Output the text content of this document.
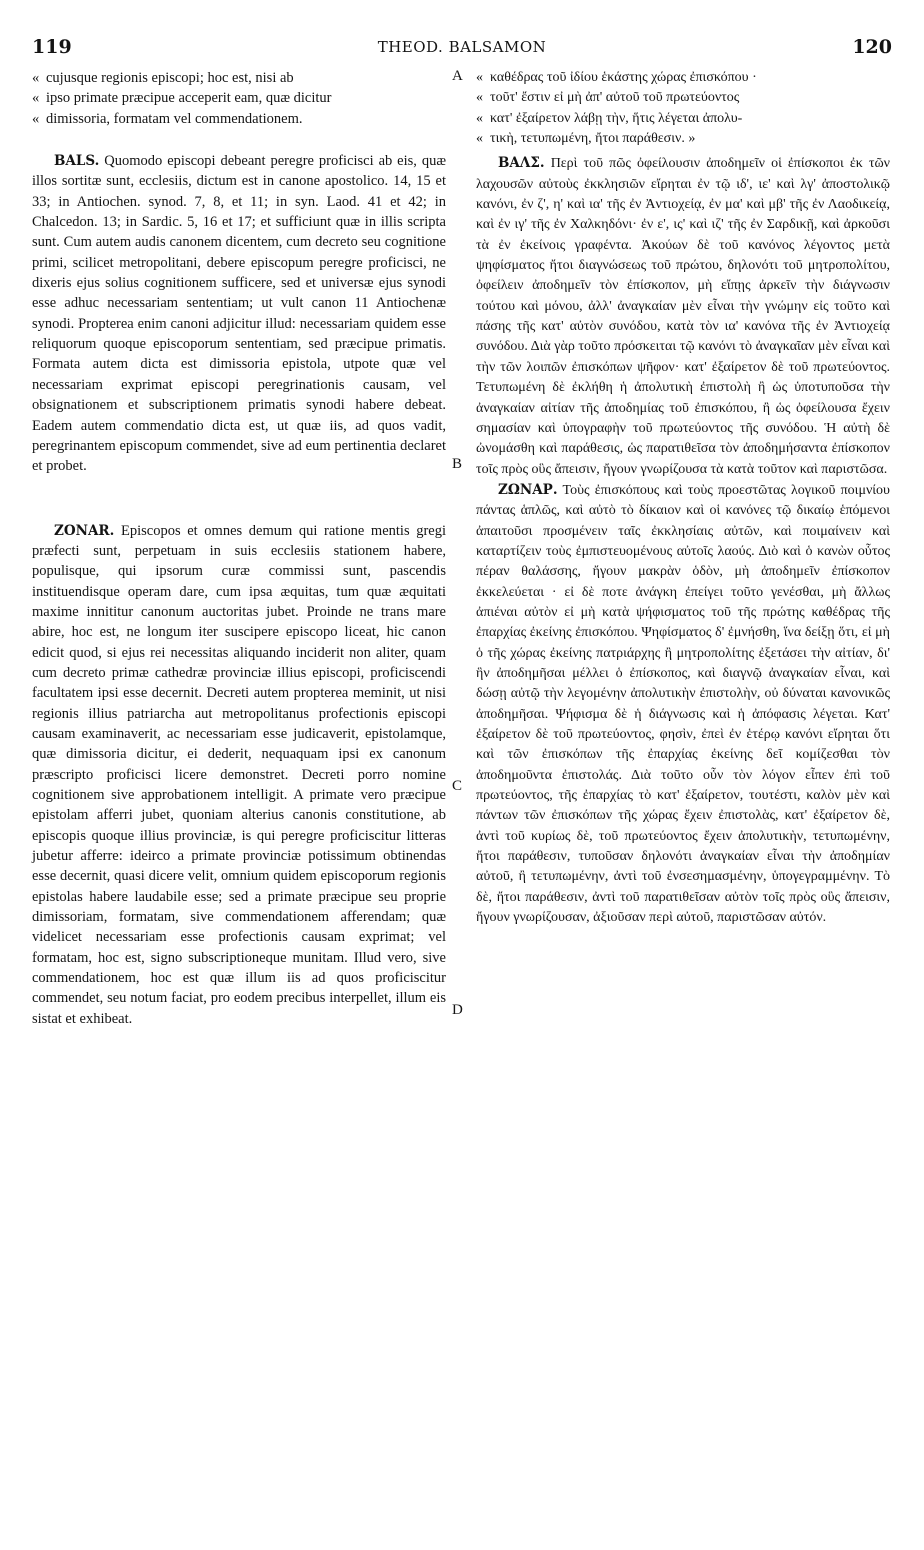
119	THEOD. BALSAMON	120
A
B
C
D
« cujusque regionis episcopi; hoc est, nisi ab
« ipso primate præcipue acceperit eam, quæ dicitur
« dimissoria, formatam vel commendationem.

BALS. Quomodo episcopi debeant peregre proficisci ab eis, quæ illos sortitæ sunt, ecclesiis, dictum est in canone apostolico. 14, 15 et 33; in Antiochen. synod. 7, 8, et 11; in syn. Laod. 41 et 42; in Chalcedon. 13; in Sardic. 5, 16 et 17; et sufficiunt quæ in illis scripta sunt. Cum autem audis canonem dicentem, cum decreto seu cognitione primi, scilicet metropolitani, debere episcopum peregre proficisci, ne dixeris ejus solius cognitionem sufficere, sed et universæ ejus synodi esse adhuc necessariam sententiam; ut vult canon 11 Antiochenæ synodi. Propterea enim canoni adjicitur illud: necessariam quidem esse reliquorum quoque episcoporum sententiam, sed præcipue primatis. Formata autem dicta est dimissoria epistola, utpote quæ vel necessariam exprimat episcopi peregrinationis causam, vel obsignationem et subscriptionem primatis synodi habere debeat. Eadem autem commendatio dicta est, ut quæ iis, ad quos vadit, peregrinantem episcopum commendet, sive ad eum pertinentia declaret et probet.

ZONAR. Episcopos et omnes demum qui ratione mentis gregi præfecti sunt, perpetuam in suis ecclesiis stationem habere, populisque, qui ipsorum curæ commissi sunt, pascendis instituendisque operam dare, cum ipsa æquitas, tum quæ æquitati maxime innititur canonum auctoritas jubet. Proinde ne trans mare abire, hoc est, ne longum iter suscipere episcopo liceat, hic canon edicit quod, si ejus rei necessitas aliquando inciderit non aliter, quam cum decreto primæ cathedræ provinciæ illius episcopi, proficiscendi facultatem ipsi esse decernit. Decreti autem propterea meminit, ut nisi regionis illius patriarcha aut metropolitanus profectionis episcopi causam examinaverit, ac necessariam esse judicaverit, epistolamque, quæ dimissoria dicitur, ei dederit, nequaquam ipsi ex canonum præscripto proficisci licere demonstret. Decreti porro nomine cognitionem sive approbationem intelligit. A primate vero præcipue epistolam afferri jubet, quoniam alterius canonis constitutione, ab episcopis quoque illius provinciæ, is qui peregre proficiscitur litteras jubetur afferre: ideirco a primate provinciæ potissimum obtinendas esse decernit, quasi dicere velit, omnium quidem episcoporum regionis epistolas habere laudabile esse; sed a primate præcipue seu proprie dimissoriam, formatam, sive commendationem afferendam; quæ videlicet necessariam esse profectionis causam exprimat; vel formatam, hoc est, signo subscriptioneque munitam. Illud vero, sive commendationem, hoc est quæ illum iis ad quos proficiscitur commendet, seu notum faciat, pro eodem precibus interpellet, illum eis sistat et exhibeat.

« καθέδρας τοῦ ἰδίου ἑκάστης χώρας ἐπισκόπου ·
« τοῦτ' ἔστιν εἰ μὴ ἀπ' αὐτοῦ τοῦ πρωτεύοντος
« κατ' ἐξαίρετον λάβῃ τὴν, ἥτις λέγεται ἀπολυ-
« τικὴ, τετυπωμένη, ἤτοι παράθεσιν. »

ΒΑΛΣ. Περὶ τοῦ πῶς ὀφείλουσιν ἀποδημεῖν οἱ ἐπίσκοποι ἐκ τῶν λαχουσῶν αὐτοὺς ἐκκλησιῶν εἴρηται ἐν τῷ ιδ', ιε' καὶ λγ' ἀποστολικῷ κανόνι, ἐν ζ', η' καὶ ια' τῆς ἐν Ἀντιοχείᾳ, ἐν μα' καὶ μβ' τῆς ἐν Λαοδικείᾳ, καὶ ἐν ιγ' τῆς ἐν Χαλκηδόνι· ἐν ε', ις' καὶ ιζ' τῆς ἐν Σαρδικῇ, καὶ ἀρκοῦσι τὰ ἐν ἐκείνοις γραφέντα. Ἀκούων δὲ τοῦ κανόνος λέγοντος μετὰ ψηφίσματος ἤτοι διαγνώσεως τοῦ πρώτου, δηλονότι τοῦ μητροπολίτου, ὀφείλειν ἀποδημεῖν τὸν ἐπίσκοπον, μὴ εἴπῃς ἀρκεῖν τὴν διάγνωσιν τούτου καὶ μόνου, ἀλλ' ἀναγκαίαν μὲν εἶναι τὴν γνώμην εἰς τοῦτο καὶ πάσης τῆς κατ' αὐτὸν συνόδου, κατὰ τὸν ια' κανόνα τῆς ἐν Ἀντιοχείᾳ συνόδου. Διὰ γὰρ τοῦτο πρόσκειται τῷ κανόνι τὸ ἀναγκαῖαν μὲν εἶναι καὶ τὴν τῶν λοιπῶν ἐπισκόπων ψῆφον· κατ' ἐξαίρετον δὲ τοῦ πρωτεύοντος. Τετυπωμένη δὲ ἐκλήθη ἡ ἀπολυτικὴ ἐπιστολὴ ἢ ὡς ὑποτυποῦσα τὴν ἀναγκαίαν αἰτίαν τῆς ἀποδημίας τοῦ ἐπισκόπου, ἢ ὡς ὀφείλουσα ἔχειν σημασίαν καὶ ὑπογραφὴν τοῦ πρωτεύοντος τῆς συνόδου. Ἡ αὐτὴ δὲ ὠνομάσθη καὶ παράθεσις, ὡς παρατιθεῖσα τὸν ἀποδημήσαντα ἐπίσκοπον τοῖς πρὸς οὓς ἄπεισιν, ἤγουν γνωρίζουσα τὰ κατὰ τοῦτον καὶ παριστῶσα.

ΖΩΝΑΡ. Τοὺς ἐπισκόπους καὶ τοὺς προεστῶτας λογικοῦ ποιμνίου πάντας ἁπλῶς, καὶ αὐτὸ τὸ δίκαιον καὶ οἱ κανόνες τῷ δικαίῳ ἑπόμενοι ἀπαιτοῦσι προσμένειν ταῖς ἐκκλησίαις αὐτῶν, καὶ ποιμαίνειν καὶ καταρτίζειν τοὺς ἐμπιστευομένους αὐτοῖς λαούς. Διὸ καὶ ὁ κανὼν οὗτος πέραν θαλάσσης, ἤγουν μακρὰν ὁδὸν, μὴ ἀποδημεῖν ἐπίσκοπον ἐκκελεύεται · εἰ δὲ ποτε ἀνάγκη ἐπείγει τοῦτο γενέσθαι, μὴ ἄλλως ἀπιέναι αὐτὸν εἰ μὴ κατὰ ψήφισματος τοῦ τῆς πρώτης καθέδρας τῆς ἐπαρχίας ἐκείνης ἐπισκόπου. Ψηφίσματος δ' ἐμνήσθη, ἵνα δείξῃ ὅτι, εἰ μὴ ὁ τῆς χώρας ἐκείνης πατριάρχης ἢ μητροπολίτης ἐξετάσει τὴν αἰτίαν, δι' ἣν ἀποδημῆσαι μέλλει ὁ ἐπίσκοπος, καὶ διαγνῷ ἀναγκαίαν εἶναι, καὶ δώσῃ αὐτῷ τὴν λεγομένην ἀπολυτικὴν ἐπιστολὴν, οὐ δύναται κανονικῶς ἀποδημῆσαι. Ψήφισμα δὲ ἡ διάγνωσις καὶ ἡ ἀπόφασις λέγεται. Κατ' ἐξαίρετον δὲ τοῦ πρωτεύοντος, φησὶν, ἐπεὶ ἐν ἑτέρῳ κανόνι εἴρηται ὅτι καὶ τῶν ἐπισκόπων τῆς ἐπαρχίας ἐκείνης δεῖ κομίζεσθαι τὸν ἀποδημοῦντα ἐπιστολάς. Διὰ τοῦτο οὖν τὸν λόγον εἶπεν ἐπὶ τοῦ πρωτεύοντος, τῆς ἐπαρχίας τὸ κατ' ἐξαίρετον, τουτέστι, καλὸν μὲν καὶ πάντων τῶν ἐπισκόπων τῆς χώρας ἔχειν ἐπιστολὰς, κατ' ἐξαίρετον δὲ, ἀντὶ τοῦ κυρίως δὲ, τοῦ πρωτεύοντος ἔχειν ἀπολυτικὴν, τετυπωμένην, ἤτοι παράθεσιν, τυποῦσαν δηλονότι ἀναγκαίαν εἶναι τὴν ἀποδημίαν αὐτοῦ, ἢ τετυπωμένην, ἀντὶ τοῦ ἐνσεσημασμένην, ὑπογεγραμμένην. Τὸ δὲ, ἤτοι παράθεσιν, ἀντὶ τοῦ παρατιθεῖσαν αὐτὸν τοῖς πρὸς οὓς ἄπεισιν, ἤγουν γνωρίζουσαν, ἀξιοῦσαν περὶ αὐτοῦ, παριστῶσαν αὐτόν.
